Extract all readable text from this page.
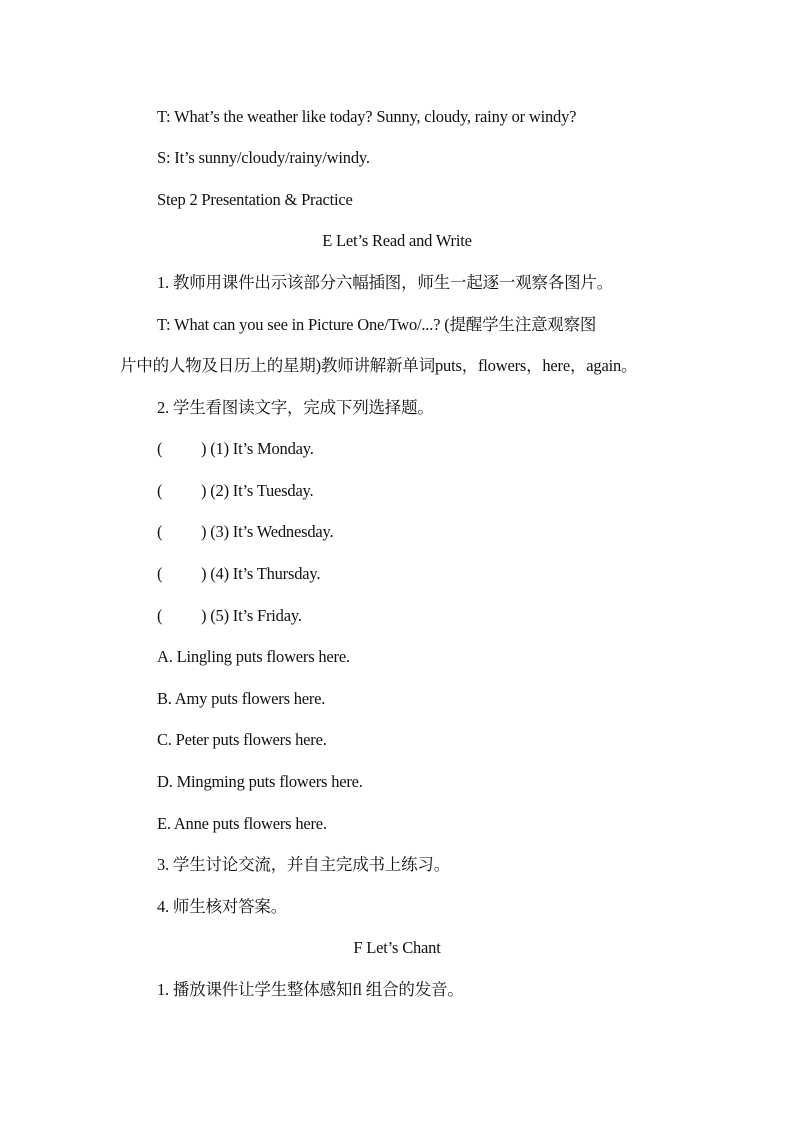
T: What’s the weather like today? Sunny, cloudy, rainy or windy?
S: It’s sunny/cloudy/rainy/windy.
Step 2 Presentation & Practice
E Let’s Read and Write
1. 教师用课件出示该部分六幅插图，师生一起逐一观察各图片。
T: What can you see in Picture One/Two/...? (提醒学生注意观察图
片中的人物及日历上的星期)教师讲解新单词puts，flowers，here，again。
2. 学生看图读文字，完成下列选择题。
( ) (1) It’s Monday.
( ) (2) It’s Tuesday.
( ) (3) It’s Wednesday.
( ) (4) It’s Thursday.
( ) (5) It’s Friday.
A. Lingling puts flowers here.
B. Amy puts flowers here.
C. Peter puts flowers here.
D. Mingming puts flowers here.
E. Anne puts flowers here.
3. 学生讨论交流，并自主完成书上练习。
4. 师生核对答案。
F Let’s Chant
1. 播放课件让学生整体感知fl 组合的发音。
